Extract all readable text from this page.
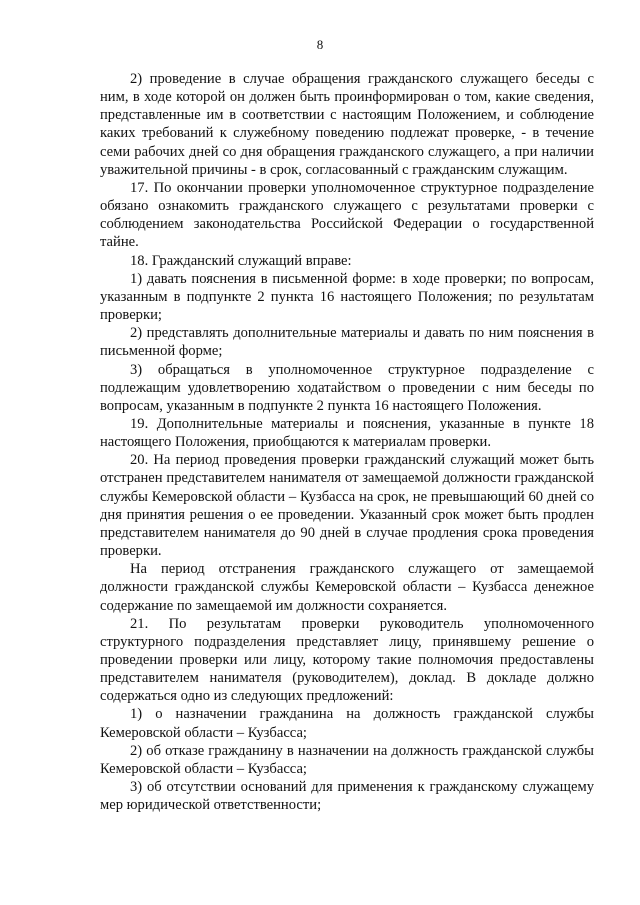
8

2) проведение в случае обращения гражданского служащего беседы с ним, в ходе которой он должен быть проинформирован о том, какие сведения, представленные им в соответствии с настоящим Положением, и соблюдение каких требований к служебному поведению подлежат проверке, - в течение семи рабочих дней со дня обращения гражданского служащего, а при наличии уважительной причины - в срок, согласованный с гражданским служащим.

17. По окончании проверки уполномоченное структурное подразделение обязано ознакомить гражданского служащего с результатами проверки с соблюдением законодательства Российской Федерации о государственной тайне.

18. Гражданский служащий вправе:

1) давать пояснения в письменной форме: в ходе проверки; по вопросам, указанным в подпункте 2 пункта 16 настоящего Положения; по результатам проверки;

2) представлять дополнительные материалы и давать по ним пояснения в письменной форме;

3) обращаться в уполномоченное структурное подразделение с подлежащим удовлетворению ходатайством о проведении с ним беседы по вопросам, указанным в подпункте 2 пункта 16 настоящего Положения.

19. Дополнительные материалы и пояснения, указанные в пункте 18 настоящего Положения, приобщаются к материалам проверки.

20. На период проведения проверки гражданский служащий может быть отстранен представителем нанимателя от замещаемой должности гражданской службы Кемеровской области – Кузбасса на срок, не превышающий 60 дней со дня принятия решения о ее проведении. Указанный срок может быть продлен представителем нанимателя до 90 дней в случае продления срока проведения проверки.

На период отстранения гражданского служащего от замещаемой должности гражданской службы Кемеровской области – Кузбасса денежное содержание по замещаемой им должности сохраняется.

21. По результатам проверки руководитель уполномоченного структурного подразделения представляет лицу, принявшему решение о проведении проверки или лицу, которому такие полномочия предоставлены представителем нанимателя (руководителем), доклад. В докладе должно содержаться одно из следующих предложений:

1) о назначении гражданина на должность гражданской службы Кемеровской области – Кузбасса;

2) об отказе гражданину в назначении на должность гражданской службы Кемеровской области – Кузбасса;

3) об отсутствии оснований для применения к гражданскому служащему мер юридической ответственности;
